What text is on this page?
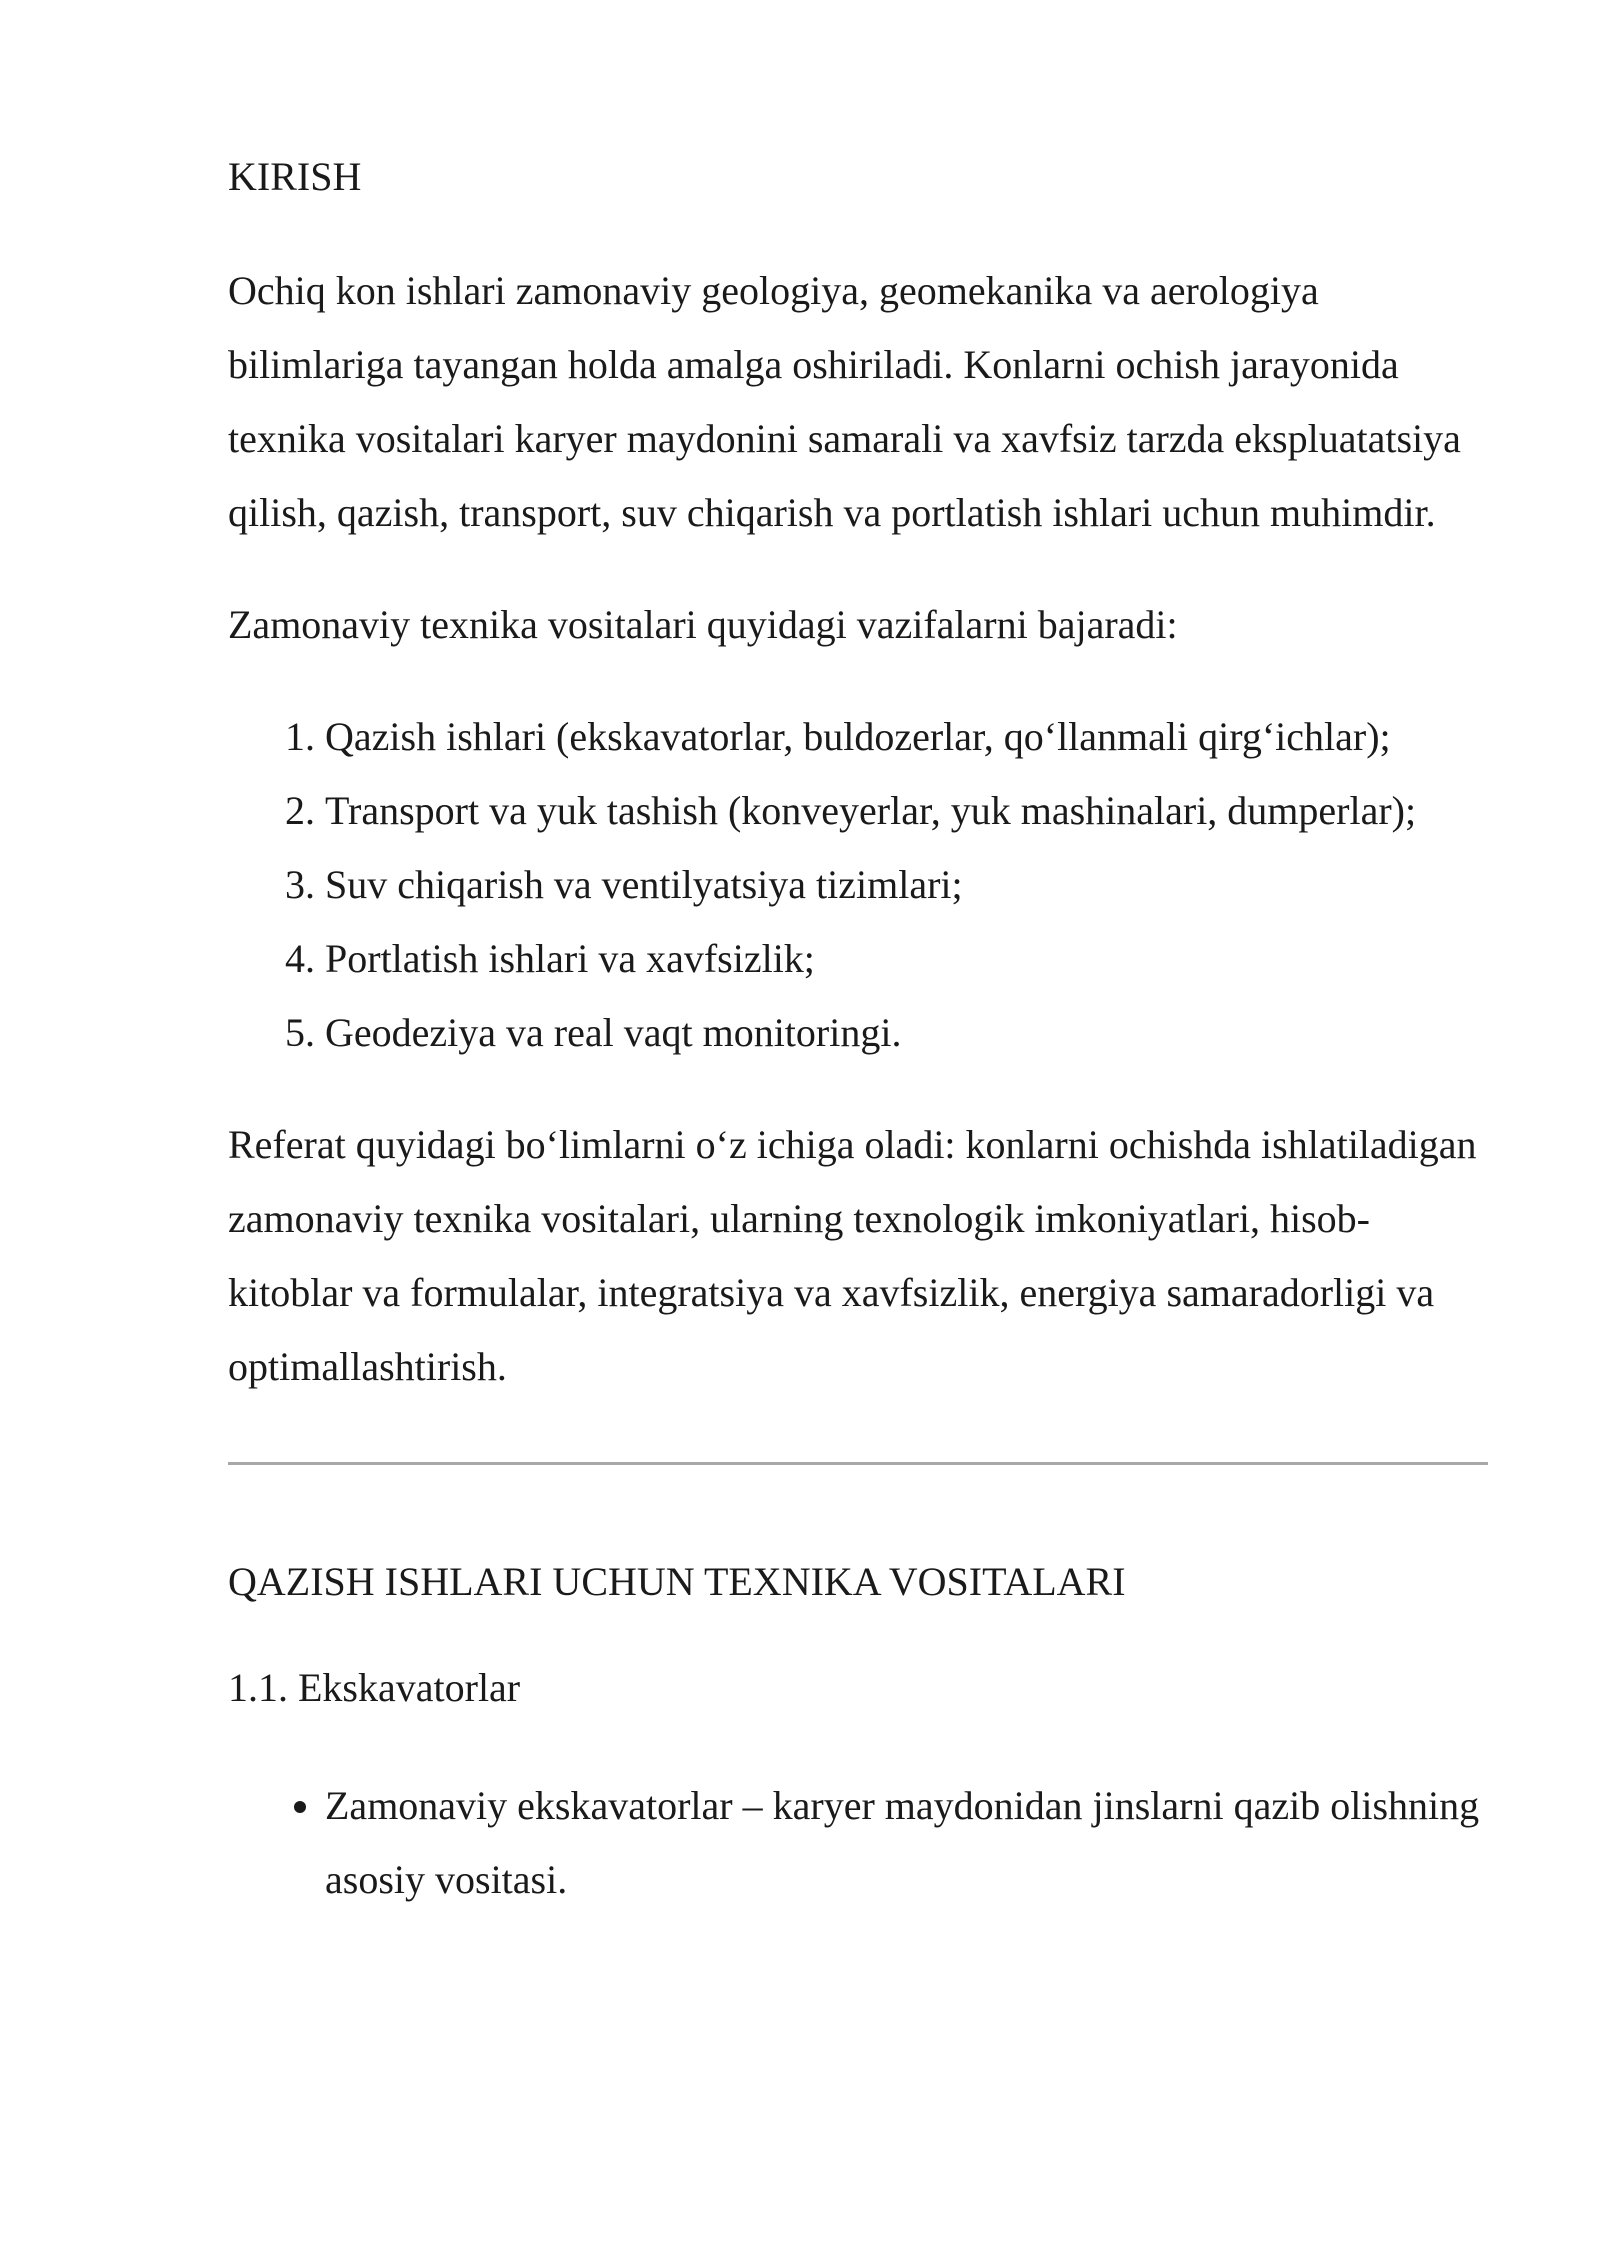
KIRISH

Ochiq kon ishlari zamonaviy geologiya, geomekanika va aerologiya bilimlariga tayangan holda amalga oshiriladi. Konlarni ochish jarayonida texnika vositalari karyer maydonini samarali va xavfsiz tarzda ekspluatatsiya qilish, qazish, transport, suv chiqarish va portlatish ishlari uchun muhimdir.

Zamonaviy texnika vositalari quyidagi vazifalarni bajaradi:

1. Qazish ishlari (ekskavatorlar, buldozerlar, qo‘llanmali qirg‘ichlar);
2. Transport va yuk tashish (konveyerlar, yuk mashinalari, dumperlar);
3. Suv chiqarish va ventilyatsiya tizimlari;
4. Portlatish ishlari va xavfsizlik;
5. Geodeziya va real vaqt monitoringi.

Referat quyidagi bo‘limlarni o‘z ichiga oladi: konlarni ochishda ishlatiladigan zamonaviy texnika vositalari, ularning texnologik imkoniyatlari, hisob-kitoblar va formulalar, integratsiya va xavfsizlik, energiya samaradorligi va optimallashtirish.

QAZISH ISHLARI UCHUN TEXNIKA VOSITALARI
1.1. Ekskavatorlar
• Zamonaviy ekskavatorlar – karyer maydonidan jinslarni qazib olishning asosiy vositasi.
